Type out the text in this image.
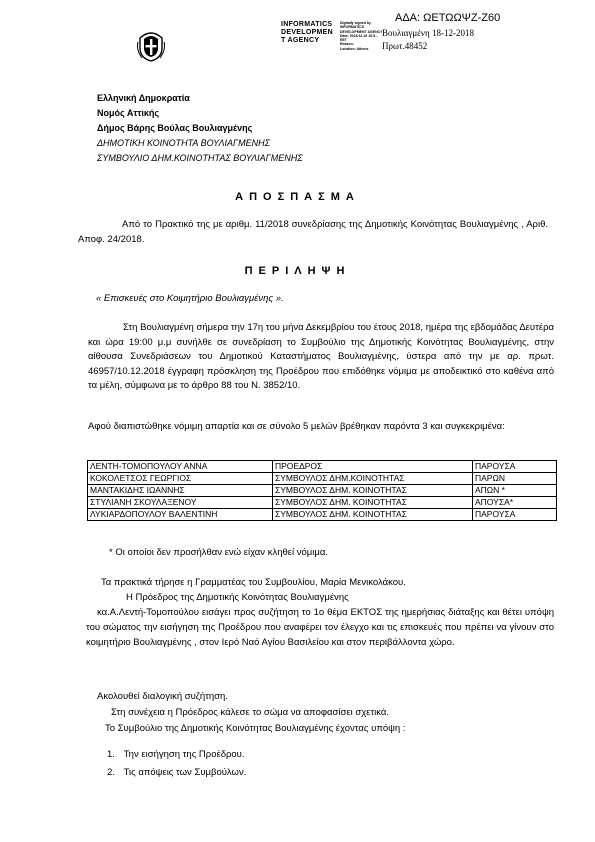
ΑΔΑ: ΩΕΤΩΩΨΖ-Ζ60
INFORMATICS
DEVELOPMEN
T AGENCY
Digitally signed by
INFORMATICS
DEVELOPMENT AGENCY
Date: 2018.12.19 10:5...
EET
Reason:
Location: Athens
Βουλιαγμένη 18-12-2018
Πρωτ.48452
Ελληνική Δημοκρατία
Νομός Αττικής
Δήμος Βάρης Βούλας Βουλιαγμένης
ΔΗΜΟΤΙΚΗ ΚΟΙΝΟΤΗΤΑ ΒΟΥΛΙΑΓΜΕΝΗΣ
ΣΥΜΒΟΥΛΙΟ ΔΗΜ.ΚΟΙΝΟΤΗΤΑΣ ΒΟΥΛΙΑΓΜΕΝΗΣ
ΑΠΟΣΠΑΣΜΑ
Από το Πρακτικό της με αριθμ. 11/2018 συνεδρίασης της Δημοτικής Κοινότητας Βουλιαγμένης , Αριθ. Αποφ. 24/2018.
ΠΕΡΙΛΗΨΗ
« Επισκευές στο Κοιμητήριο Βουλιαγμένης ».
Στη Βουλιαγμένη σήμερα την 17η του μήνα Δεκεμβρίου του έτους 2018, ημέρα της εβδομάδας Δευτέρα και ώρα 19:00 μ.μ συνήλθε σε συνεδρίαση το Συμβούλιο της Δημοτικής Κοινότητας Βουλιαγμένης, στην αίθουσα Συνεδριάσεων του Δημοτικού Καταστήματος Βουλιαγμένης, ύστερα από την με αρ. πρωτ. 46957/10.12.2018 έγγραφη πρόσκληση της Προέδρου που επιδόθηκε νόμιμα με αποδεικτικό στο καθένα από τα μέλη, σύμφωνα με το άρθρο 88 του Ν. 3852/10.
Αφού διαπιστώθηκε νόμιμη απαρτία και σε σύνολο 5 μελών βρέθηκαν παρόντα 3 και συγκεκριμένα:
ΛΕΝΤΗ-ΤΟΜΟΠΟΥΛΟΥ ΑΝΝΑ	ΠΡΟΕΔΡΟΣ	ΠΑΡΟΥΣΑ
ΚΟΚΟΛΕΤΣΟΣ ΓΕΩΡΓΙΟΣ	ΣΥΜΒΟΥΛΟΣ ΔΗΜ.ΚΟΙΝΟΤΗΤΑΣ	ΠΑΡΩΝ
ΜΑΝΤΑΚΙΔΗΣ ΙΩΑΝΝΗΣ	ΣΥΜΒΟΥΛΟΣ ΔΗΜ. ΚΟΙΝΟΤΗΤΑΣ	ΑΠΩΝ *
ΣΤΥΛΙΑΝΗ ΣΚΟΥΛΑΞΕΝΟΥ	ΣΥΜΒΟΥΛΟΣ ΔΗΜ. ΚΟΙΝΟΤΗΤΑΣ	ΑΠΟΥΣΑ*
ΛΥΚΙΑΡΔΟΠΟΥΛΟΥ ΒΑΛΕΝΤΙΝΗ	ΣΥΜΒΟΥΛΟΣ ΔΗΜ. ΚΟΙΝΟΤΗΤΑΣ	ΠΑΡΟΥΣΑ
* Οι οποίοι δεν προσήλθαν ενώ είχαν κληθεί νόμιμα.
Τα πρακτικά τήρησε η Γραμματέας του Συμβουλίου, Μαρία Μενικολάκου.
Η Πρόεδρος της Δημοτικής Κοινότητας Βουλιαγμένης
κα.Α.Λεντή-Τομοπούλου εισάγει προς συζήτηση το 1ο θέμα ΕΚΤΟΣ της ημερήσιας διάταξης και θέτει υπόψη του σώματος την εισήγηση της Προέδρου που αναφέρει τον έλεγχο και τις επισκευές που πρέπει να γίνουν στο κοιμητήριο Βουλιαγμένης , στον Ιερό Ναό Αγίου Βασιλείου και στον περιβάλλοντα χώρο.
Ακολουθεί διαλογική συζήτηση.
Στη συνέχεια η Πρόεδρος κάλεσε το σώμα να αποφασίσει σχετικά.
Το Συμβούλιο της Δημοτικής Κοινότητας Βουλιαγμένης έχοντας υπόψη :
1. Την εισήγηση της Προέδρου.
2. Τις απόψεις των Συμβούλων.
